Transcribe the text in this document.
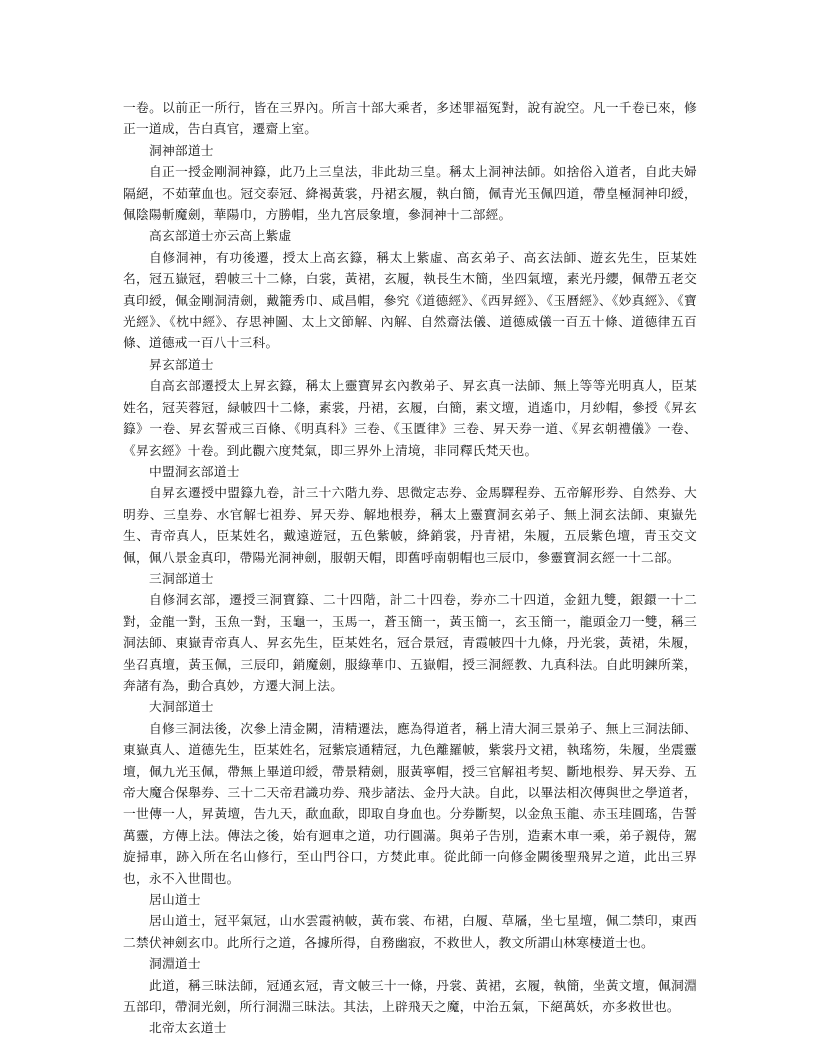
一卷。以前正一所行，皆在三界內。所言十部大乘者，多述罪福冤對，說有說空。凡一千卷已來，修正一道成，告白真官，遷齋上室。

洞神部道士

自正一授金剛洞神籙，此乃上三皇法，非此劫三皇。稱太上洞神法師。如捨俗入道者，自此夫婦隔絕，不茹葷血也。冠交泰冠、絳褐黃裳，丹裙玄履，執白簡，佩青光玉佩四道，帶皇極洞神印綬，佩陰陽斬魔劍，華陽巾，方勝帽，坐九宮辰象壇，參洞神十二部經。

高玄部道士亦云高上紫虛

自修洞神，有功後遷，授太上高玄籙，稱太上紫虛、高玄弟子、高玄法師、遊玄先生，臣某姓名，冠五嶽冠，碧帔三十二條，白裳，黃裙，玄履，執長生木簡，坐四氣壇，素光丹纓，佩帶五老交真印綬，佩金剛洞清劍，戴籠秀巾、咸昌帽，參究《道德經》、《西昇經》、《玉曆經》、《妙真經》、《寶光經》、《枕中經》、存思神圖、太上文節解、內解、自然齋法儀、道德威儀一百五十條、道德律五百條、道德戒一百八十三科。

昇玄部道士

自高玄部遷授太上昇玄籙，稱太上靈寶昇玄內教弟子、昇玄真一法師、無上等等光明真人，臣某姓名，冠芙蓉冠，緑帔四十二條，素裳，丹裙，玄履，白簡，素文壇，逍遙巾，月紗帽，參授《昇玄籙》一卷、昇玄誓戒三百條、《明真科》三卷、《玉匱律》三卷、昇天券一道、《昇玄朝禮儀》一卷、《昇玄經》十卷。到此觀六度梵氣，即三界外上清境，非同釋氏梵天也。

中盟洞玄部道士

自昇玄遷授中盟籙九卷，計三十六階九券、思微定志券、金馬驛程券、五帝解形券、自然券、大明券、三皇券、水官解七祖券、昇天券、解地根券，稱太上靈寶洞玄弟子、無上洞玄法師、東嶽先生、青帝真人，臣某姓名，戴遠遊冠，五色紫帔，絳銷裳，丹青裙，朱履，五辰紫色壇，青玉交文佩，佩八景金真印，帶陽光洞神劍，服朝天帽，即舊呼南朝帽也三辰巾，參靈寶洞玄經一十二部。

三洞部道士

自修洞玄部，遷授三洞寶籙、二十四階，計二十四卷，券亦二十四道，金鈕九雙，銀鐶一十二對，金龍一對，玉魚一對，玉龜一，玉馬一，蒼玉簡一，黃玉簡一，玄玉簡一，龍頭金刀一雙，稱三洞法師、東嶽青帝真人、昇玄先生，臣某姓名，冠合景冠，青霞帔四十九條，丹光裳，黃裙，朱履，坐召真壇，黃玉佩，三辰印，銷魔劍，服綠華巾、五嶽帽，授三洞經教、九真科法。自此明鍊所業，奔諸有為，動合真妙，方遷大洞上法。

大洞部道士

自修三洞法後，次參上清金闕，清精遷法，應為得道者，稱上清大洞三景弟子、無上三洞法師、東嶽真人、道德先生，臣某姓名，冠紫宸通精冠，九色離羅帔，紫裳丹文裙，執瑤笏，朱履，坐震靈壇，佩九光玉佩，帶無上畢道印綬，帶景精劍，服黃寧帽，授三官解祖考契、斷地根券、昇天券、五帝大魔合保舉券、三十二天帝君識功券、飛步諸法、金丹大訣。自此，以畢法相次傳與世之學道者，一世傳一人，昇黃壇，告九天，歃血歃，即取自身血也。分券斷契，以金魚玉龍、赤玉珪圓瑤，告誓萬靈，方傳上法。傳法之後，始有迴車之道，功行圓滿。與弟子告別，造素木車一乘，弟子親侍，駕旋掃車，跡入所在名山修行，至山門谷口，方焚此車。從此師一向修金闕後聖飛昇之道，此出三界也，永不入世間也。

居山道士

居山道士，冠平氣冠，山水雲霞衲帔，黃布裳、布裙，白履、草屩，坐七星壇，佩二禁印，東西二禁伏神劍玄巾。此所行之道，各據所得，自務幽寂，不救世人，教文所謂山林寒棲道士也。

洞淵道士

此道，稱三昧法師，冠通玄冠，青文帔三十一條，丹裳、黃裙，玄履，執簡，坐黃文壇，佩洞淵五部印，帶洞光劍，所行洞淵三昧法。其法，上辟飛天之魔，中治五氣，下絕萬妖，亦多救世也。

北帝太玄道士
